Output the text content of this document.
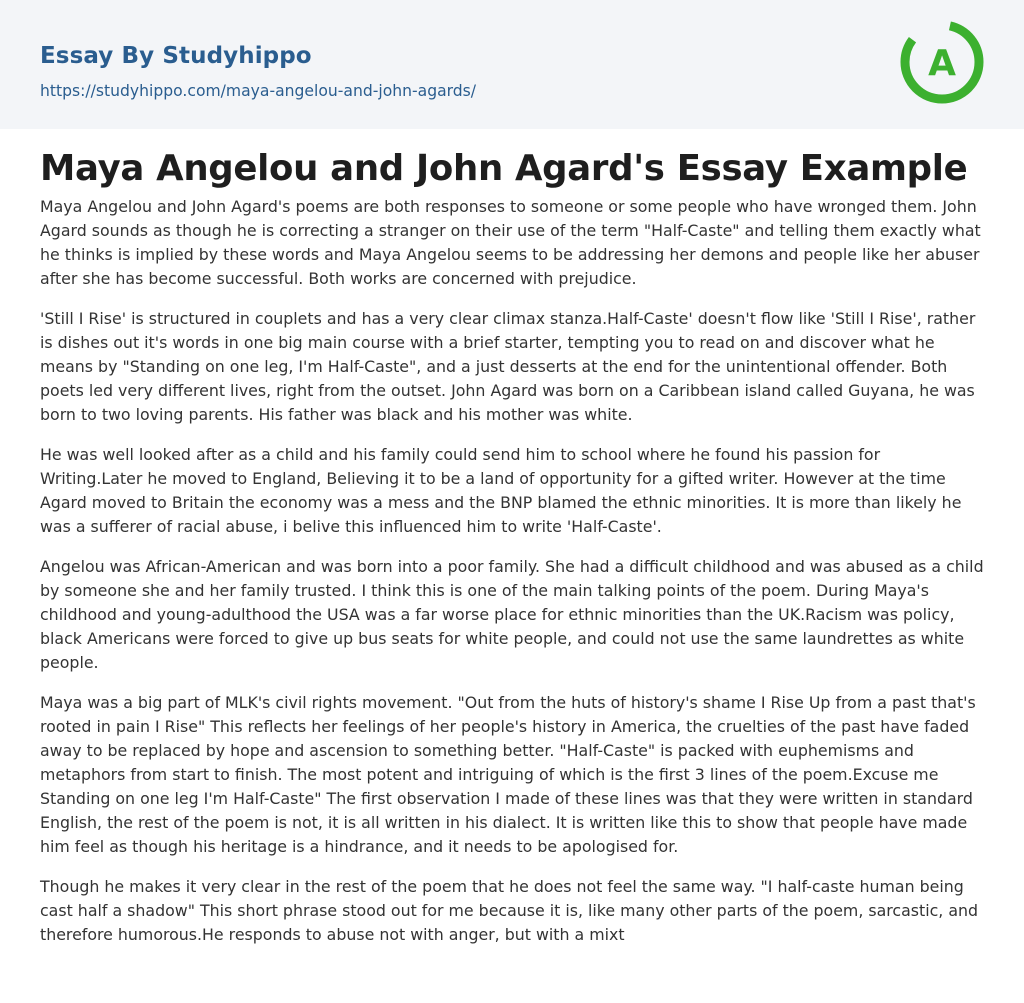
Essay By Studyhippo
https://studyhippo.com/maya-angelou-and-john-agards/
A
Maya Angelou and John Agard's Essay Example

Maya Angelou and John Agard's poems are both responses to someone or some people who have wronged them. John Agard sounds as though he is correcting a stranger on their use of the term "Half-Caste" and telling them exactly what he thinks is implied by these words and Maya Angelou seems to be addressing her demons and people like her abuser after she has become successful. Both works are concerned with prejudice.

'Still I Rise' is structured in couplets and has a very clear climax stanza.Half-Caste' doesn't flow like 'Still I Rise', rather is dishes out it's words in one big main course with a brief starter, tempting you to read on and discover what he means by "Standing on one leg, I'm Half-Caste", and a just desserts at the end for the unintentional offender. Both poets led very different lives, right from the outset. John Agard was born on a Caribbean island called Guyana, he was born to two loving parents. His father was black and his mother was white.

He was well looked after as a child and his family could send him to school where he found his passion for Writing.Later he moved to England, Believing it to be a land of opportunity for a gifted writer. However at the time Agard moved to Britain the economy was a mess and the BNP blamed the ethnic minorities. It is more than likely he was a sufferer of racial abuse, i belive this influenced him to write 'Half-Caste'.

Angelou was African-American and was born into a poor family. She had a difficult childhood and was abused as a child by someone she and her family trusted. I think this is one of the main talking points of the poem. During Maya's childhood and young-adulthood the USA was a far worse place for ethnic minorities than the UK.Racism was policy, black Americans were forced to give up bus seats for white people, and could not use the same laundrettes as white people.

Maya was a big part of MLK's civil rights movement. "Out from the huts of history's shame I Rise Up from a past that's rooted in pain I Rise" This reflects her feelings of her people's history in America, the cruelties of the past have faded away to be replaced by hope and ascension to something better. "Half-Caste" is packed with euphemisms and metaphors from start to finish. The most potent and intriguing of which is the first 3 lines of the poem.Excuse me Standing on one leg I'm Half-Caste" The first observation I made of these lines was that they were written in standard English, the rest of the poem is not, it is all written in his dialect. It is written like this to show that people have made him feel as though his heritage is a hindrance, and it needs to be apologised for.

Though he makes it very clear in the rest of the poem that he does not feel the same way. "I half-caste human being cast half a shadow" This short phrase stood out for me because it is, like many other parts of the poem, sarcastic, and therefore humorous.He responds to abuse not with anger, but with a mixt
